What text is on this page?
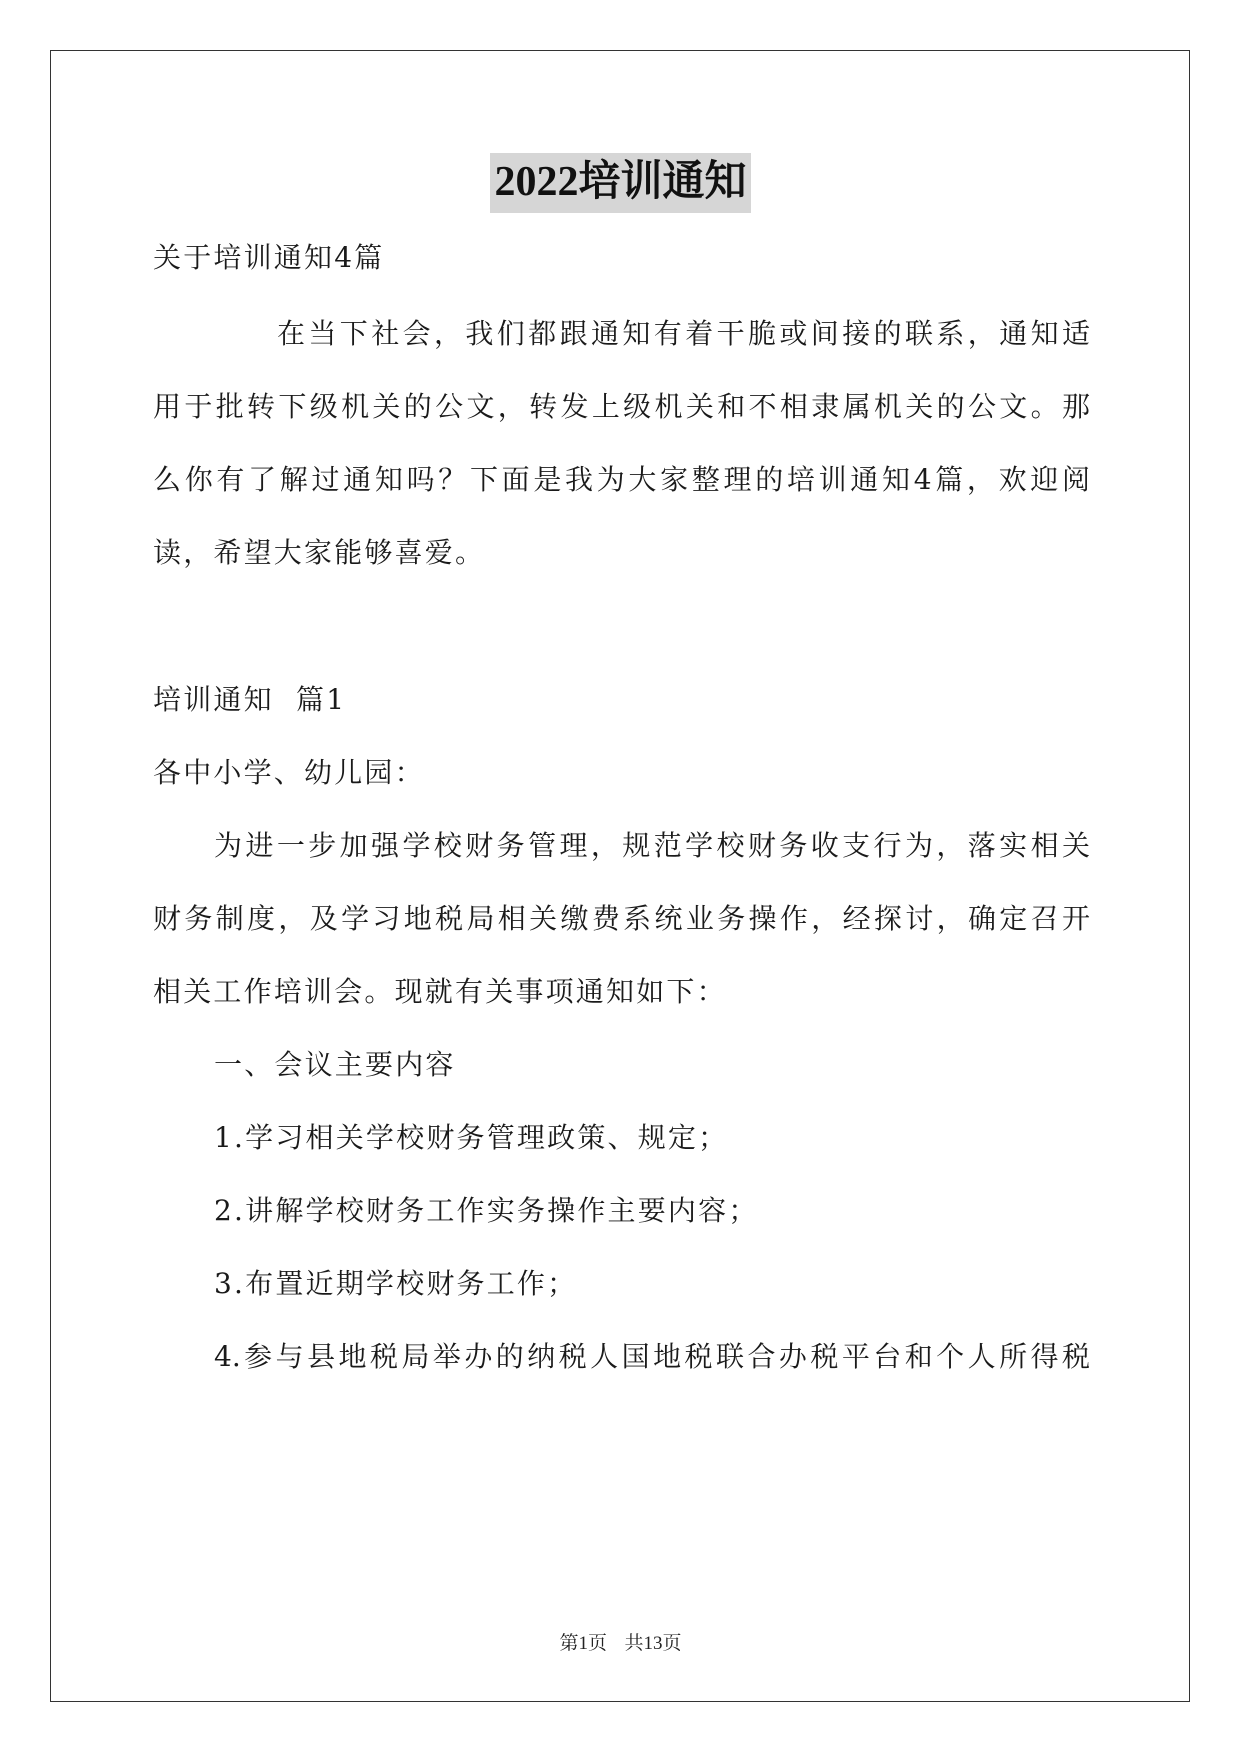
2022培训通知
关于培训通知4篇
在当下社会，我们都跟通知有着干脆或间接的联系，通知适
用于批转下级机关的公文，转发上级机关和不相隶属机关的公文。那
么你有了解过通知吗？下面是我为大家整理的培训通知4篇，欢迎阅
读，希望大家能够喜爱。
培训通知  篇1
各中小学、幼儿园：
为进一步加强学校财务管理，规范学校财务收支行为，落实相关
财务制度，及学习地税局相关缴费系统业务操作，经探讨，确定召开
相关工作培训会。现就有关事项通知如下：
一、会议主要内容
1.学习相关学校财务管理政策、规定；
2.讲解学校财务工作实务操作主要内容；
3.布置近期学校财务工作；
4.参与县地税局举办的纳税人国地税联合办税平台和个人所得税
第1页  共13页
